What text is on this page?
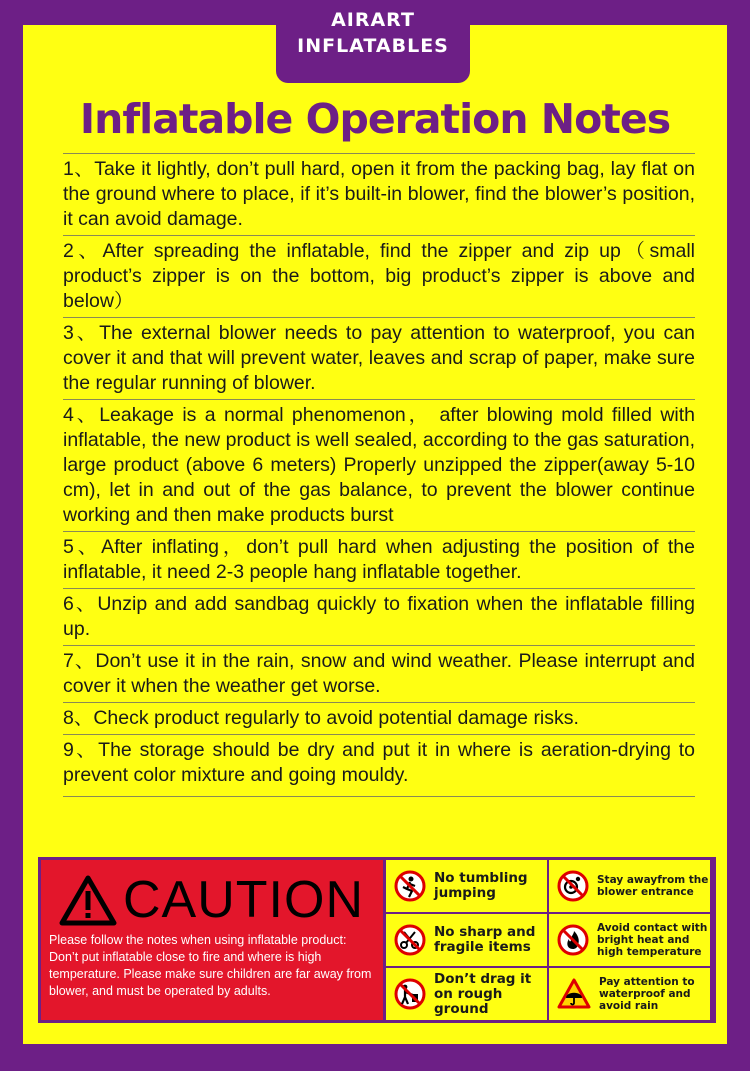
AIRART
INFLATABLES
Inflatable Operation Notes
1、Take it lightly, don’t pull hard, open it from the packing bag, lay flat on the ground where to place, if it’s built-in blower, find the blower’s position, it can avoid damage.
2、After spreading the inflatable, find the zipper and zip up（small product’s zipper is on the bottom, big product’s zipper is above and below）
3、The external blower needs to pay attention to waterproof, you can cover it and that will prevent water, leaves and scrap of paper, make sure the regular running of blower.
4、Leakage is a normal phenomenon， after blowing mold filled with inflatable, the new product is well sealed, according to the gas saturation, large product (above 6 meters) Properly unzipped the zipper(away 5-10 cm), let in and out of the gas balance, to prevent the blower continue working and then make products burst
5、After inflating，don’t pull hard when adjusting the position of the inflatable, it need 2-3 people hang inflatable together.
6、Unzip and add sandbag quickly to fixation when the inflatable filling up.
7、Don’t use it in the rain, snow and wind weather. Please interrupt and cover it when the weather get worse.
8、Check product regularly to avoid potential damage risks.
9、The storage should be dry and put it in where is aeration-drying to prevent color mixture and going mouldy.
CAUTION
Please follow the notes when using inflatable product: Don’t put inflatable close to fire and where is high temperature. Please make sure children are far away from blower, and must be operated by adults.
No tumbling jumping
Stay awayfrom the blower entrance
No sharp and fragile items
Avoid contact with bright heat and high temperature
Don’t drag it on rough ground
Pay attention to waterproof and avoid rain
